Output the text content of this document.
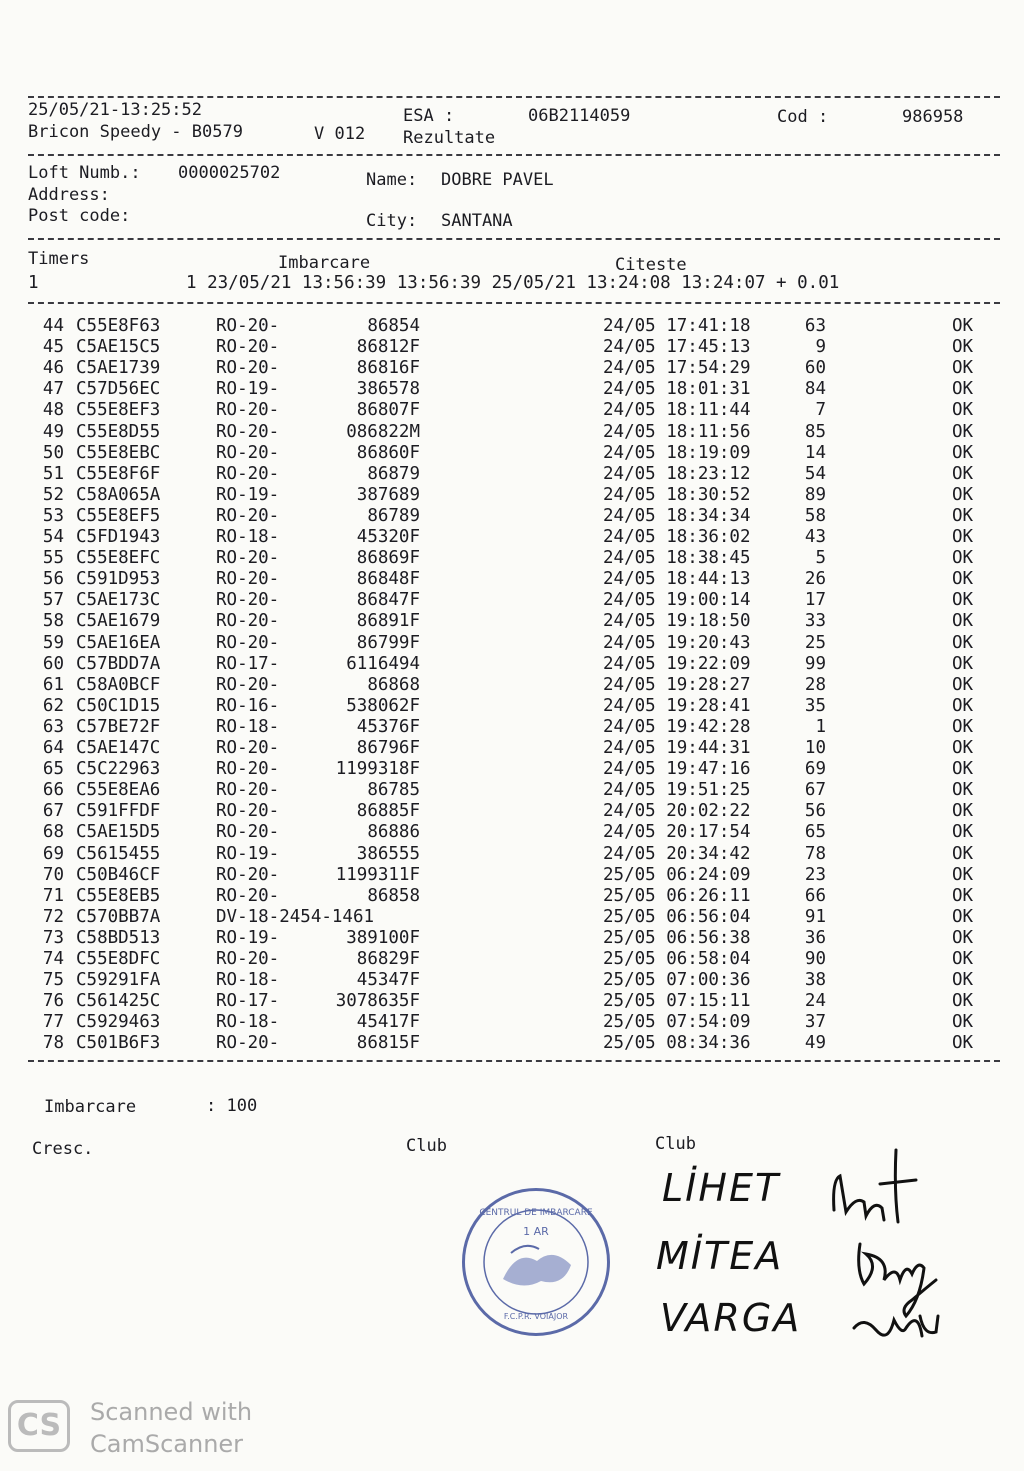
25/05/21-13:25:52
Bricon Speedy - B0579	V 012
ESA :
Rezultate
06B2114059	Cod :	986958
Loft Numb.: 0000025702	Name: DOBRE PAVEL
Address:
Post code:	City: SANTANA
Timers	Imbarcare	Citeste
1              1 23/05/21 13:56:39 13:56:39 25/05/21 13:24:08 13:24:07 + 0.01
44 C55E8F63	RO-20-	86854	24/05 17:41:18	63	OK
45 C5AE15C5	RO-20-	86812F	24/05 17:45:13	9	OK
46 C5AE1739	RO-20-	86816F	24/05 17:54:29	60	OK
47 C57D56EC	RO-19-	386578	24/05 18:01:31	84	OK
48 C55E8EF3	RO-20-	86807F	24/05 18:11:44	7	OK
49 C55E8D55	RO-20-	086822M	24/05 18:11:56	85	OK
50 C55E8EBC	RO-20-	86860F	24/05 18:19:09	14	OK
51 C55E8F6F	RO-20-	86879	24/05 18:23:12	54	OK
52 C58A065A	RO-19-	387689	24/05 18:30:52	89	OK
53 C55E8EF5	RO-20-	86789	24/05 18:34:34	58	OK
54 C5FD1943	RO-18-	45320F	24/05 18:36:02	43	OK
55 C55E8EFC	RO-20-	86869F	24/05 18:38:45	5	OK
56 C591D953	RO-20-	86848F	24/05 18:44:13	26	OK
57 C5AE173C	RO-20-	86847F	24/05 19:00:14	17	OK
58 C5AE1679	RO-20-	86891F	24/05 19:18:50	33	OK
59 C5AE16EA	RO-20-	86799F	24/05 19:20:43	25	OK
60 C57BDD7A	RO-17-	6116494	24/05 19:22:09	99	OK
61 C58A0BCF	RO-20-	86868	24/05 19:28:27	28	OK
62 C50C1D15	RO-16-	538062F	24/05 19:28:41	35	OK
63 C57BE72F	RO-18-	45376F	24/05 19:42:28	1	OK
64 C5AE147C	RO-20-	86796F	24/05 19:44:31	10	OK
65 C5C22963	RO-20-	1199318F	24/05 19:47:16	69	OK
66 C55E8EA6	RO-20-	86785	24/05 19:51:25	67	OK
67 C591FFDF	RO-20-	86885F	24/05 20:02:22	56	OK
68 C5AE15D5	RO-20-	86886	24/05 20:17:54	65	OK
69 C5615455	RO-19-	386555	24/05 20:34:42	78	OK
70 C50B46CF	RO-20-	1199311F	25/05 06:24:09	23	OK
71 C55E8EB5	RO-20-	86858	25/05 06:26:11	66	OK
72 C570BB7A	DV-18-2454-1461	25/05 06:56:04	91	OK
73 C58BD513	RO-19-	389100F	25/05 06:56:38	36	OK
74 C55E8DFC	RO-20-	86829F	25/05 06:58:04	90	OK
75 C59291FA	RO-18-	45347F	25/05 07:00:36	38	OK
76 C561425C	RO-17-	3078635F	25/05 07:15:11	24	OK
77 C5929463	RO-18-	45417F	25/05 07:54:09	37	OK
78 C501B6F3	RO-20-	86815F	25/05 08:34:36	49	OK
Imbarcare	: 100
Cresc.	Club	Club
CENTRUL DE IMBARCARE
1 AR
F.C.P.R. VOIAJOR
LİHET
MİTEA
VARGA
CS	Scanned with
CamScanner
